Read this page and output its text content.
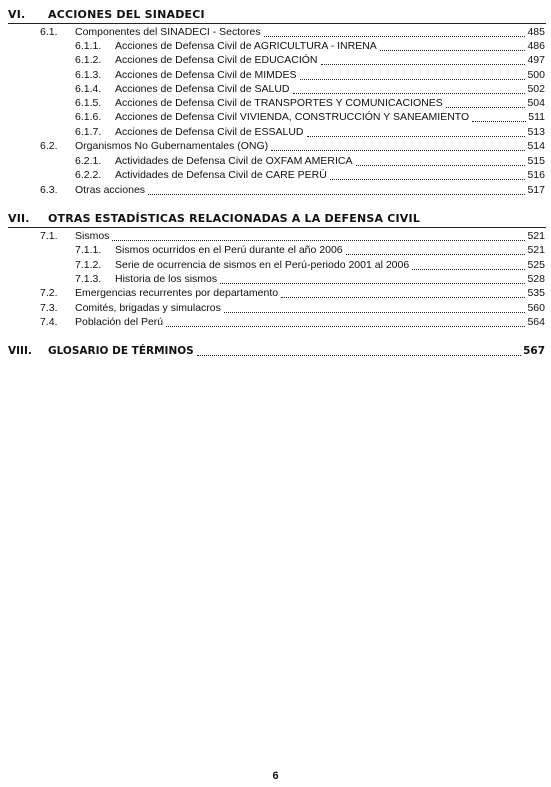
VI. ACCIONES DEL SINADECI
6.1.	Componentes del SINADECI - Sectores	485
6.1.1.	Acciones de Defensa Civil de AGRICULTURA - INRENA	486
6.1.2.	Acciones de Defensa Civil de EDUCACIÓN	497
6.1.3.	Acciones de Defensa Civil de MIMDES	500
6.1.4.	Acciones de Defensa Civil de SALUD	502
6.1.5.	Acciones de Defensa Civil de TRANSPORTES Y COMUNICACIONES	504
6.1.6.	Acciones de Defensa Civil VIVIENDA, CONSTRUCCIÓN Y SANEAMIENTO	511
6.1.7.	Acciones de Defensa Civil de ESSALUD	513
6.2.	Organismos No Gubernamentales (ONG)	514
6.2.1.	Actividades de Defensa Civil de OXFAM AMERICA	515
6.2.2.	Actividades de Defensa Civil de CARE PERÚ	516
6.3.	Otras acciones	517
VII. OTRAS ESTADÍSTICAS RELACIONADAS A LA DEFENSA CIVIL
7.1.	Sismos	521
7.1.1.	Sismos ocurridos en el Perú durante el año 2006	521
7.1.2.	Serie de ocurrencia de sismos en el Perú-periodo 2001 al 2006	525
7.1.3.	Historia de los sismos	528
7.2.	Emergencias recurrentes por departamento	535
7.3.	Comités, brigadas y simulacros	560
7.4.	Población del Perú	564
VIII.	GLOSARIO DE TÉRMINOS	567
6
